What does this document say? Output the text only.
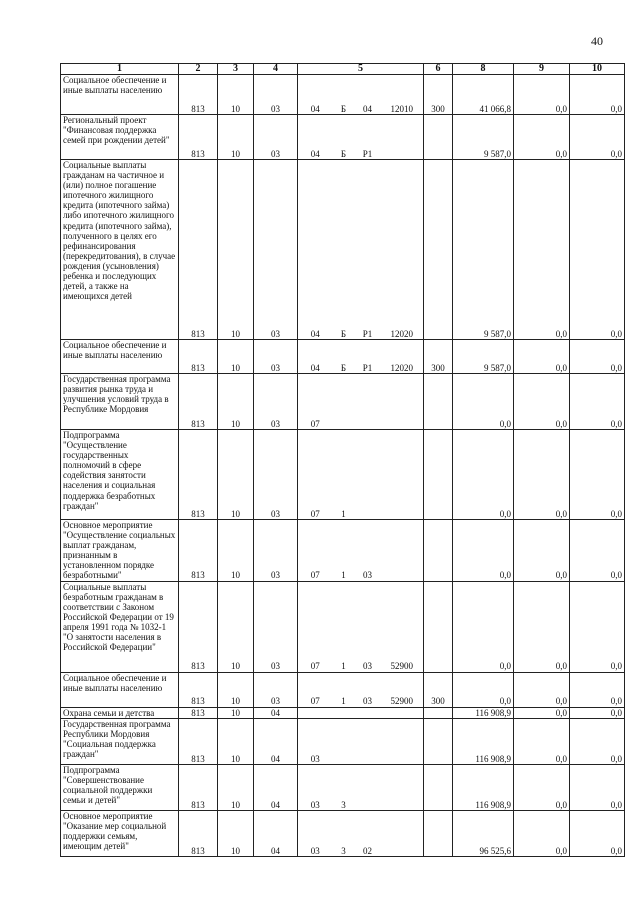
40
1	2	3	4	5				6	8	9	10
Социальное обеспечение и иные выплаты населению	813	10	03	04	Б	04	12010	300	41 066,8	0,0	0,0
Региональный проект "Финансовая поддержка семей при рождении детей"	813	10	03	04	Б	Р1			9 587,0	0,0	0,0
Социальные выплаты гражданам на частичное и (или) полное погашение ипотечного жилищного кредита (ипотечного займа) либо ипотечного жилищного кредита (ипотечного займа), полученного в целях его рефинансирования (перекредитования), в случае рождения (усыновления) ребенка и последующих детей, а также на имеющихся детей	813	10	03	04	Б	Р1	12020		9 587,0	0,0	0,0
Социальное обеспечение и иные выплаты населению	813	10	03	04	Б	Р1	12020	300	9 587,0	0,0	0,0
Государственная программа развития рынка труда и улучшения условий труда в Республике Мордовия	813	10	03	07					0,0	0,0	0,0
Подпрограмма "Осуществление государственных полномочий в сфере содействия занятости населения и социальная поддержка безработных граждан"	813	10	03	07	1				0,0	0,0	0,0
Основное мероприятие "Осуществление социальных выплат гражданам, признанным в установленном порядке безработными"	813	10	03	07	1	03			0,0	0,0	0,0
Социальные выплаты безработным гражданам в соответствии с Законом Российской Федерации от 19 апреля 1991 года № 1032-1 "О занятости населения в Российской Федерации"	813	10	03	07	1	03	52900		0,0	0,0	0,0
Социальное обеспечение и иные выплаты населению	813	10	03	07	1	03	52900	300	0,0	0,0	0,0
Охрана семьи и детства	813	10	04						116 908,9	0,0	0,0
Государственная программа Республики Мордовия "Социальная поддержка граждан"	813	10	04	03					116 908,9	0,0	0,0
Подпрограмма "Совершенствование социальной поддержки семьи и детей"	813	10	04	03	3				116 908,9	0,0	0,0
Основное мероприятие "Оказание мер социальной поддержки семьям, имеющим детей"	813	10	04	03	3	02			96 525,6	0,0	0,0
